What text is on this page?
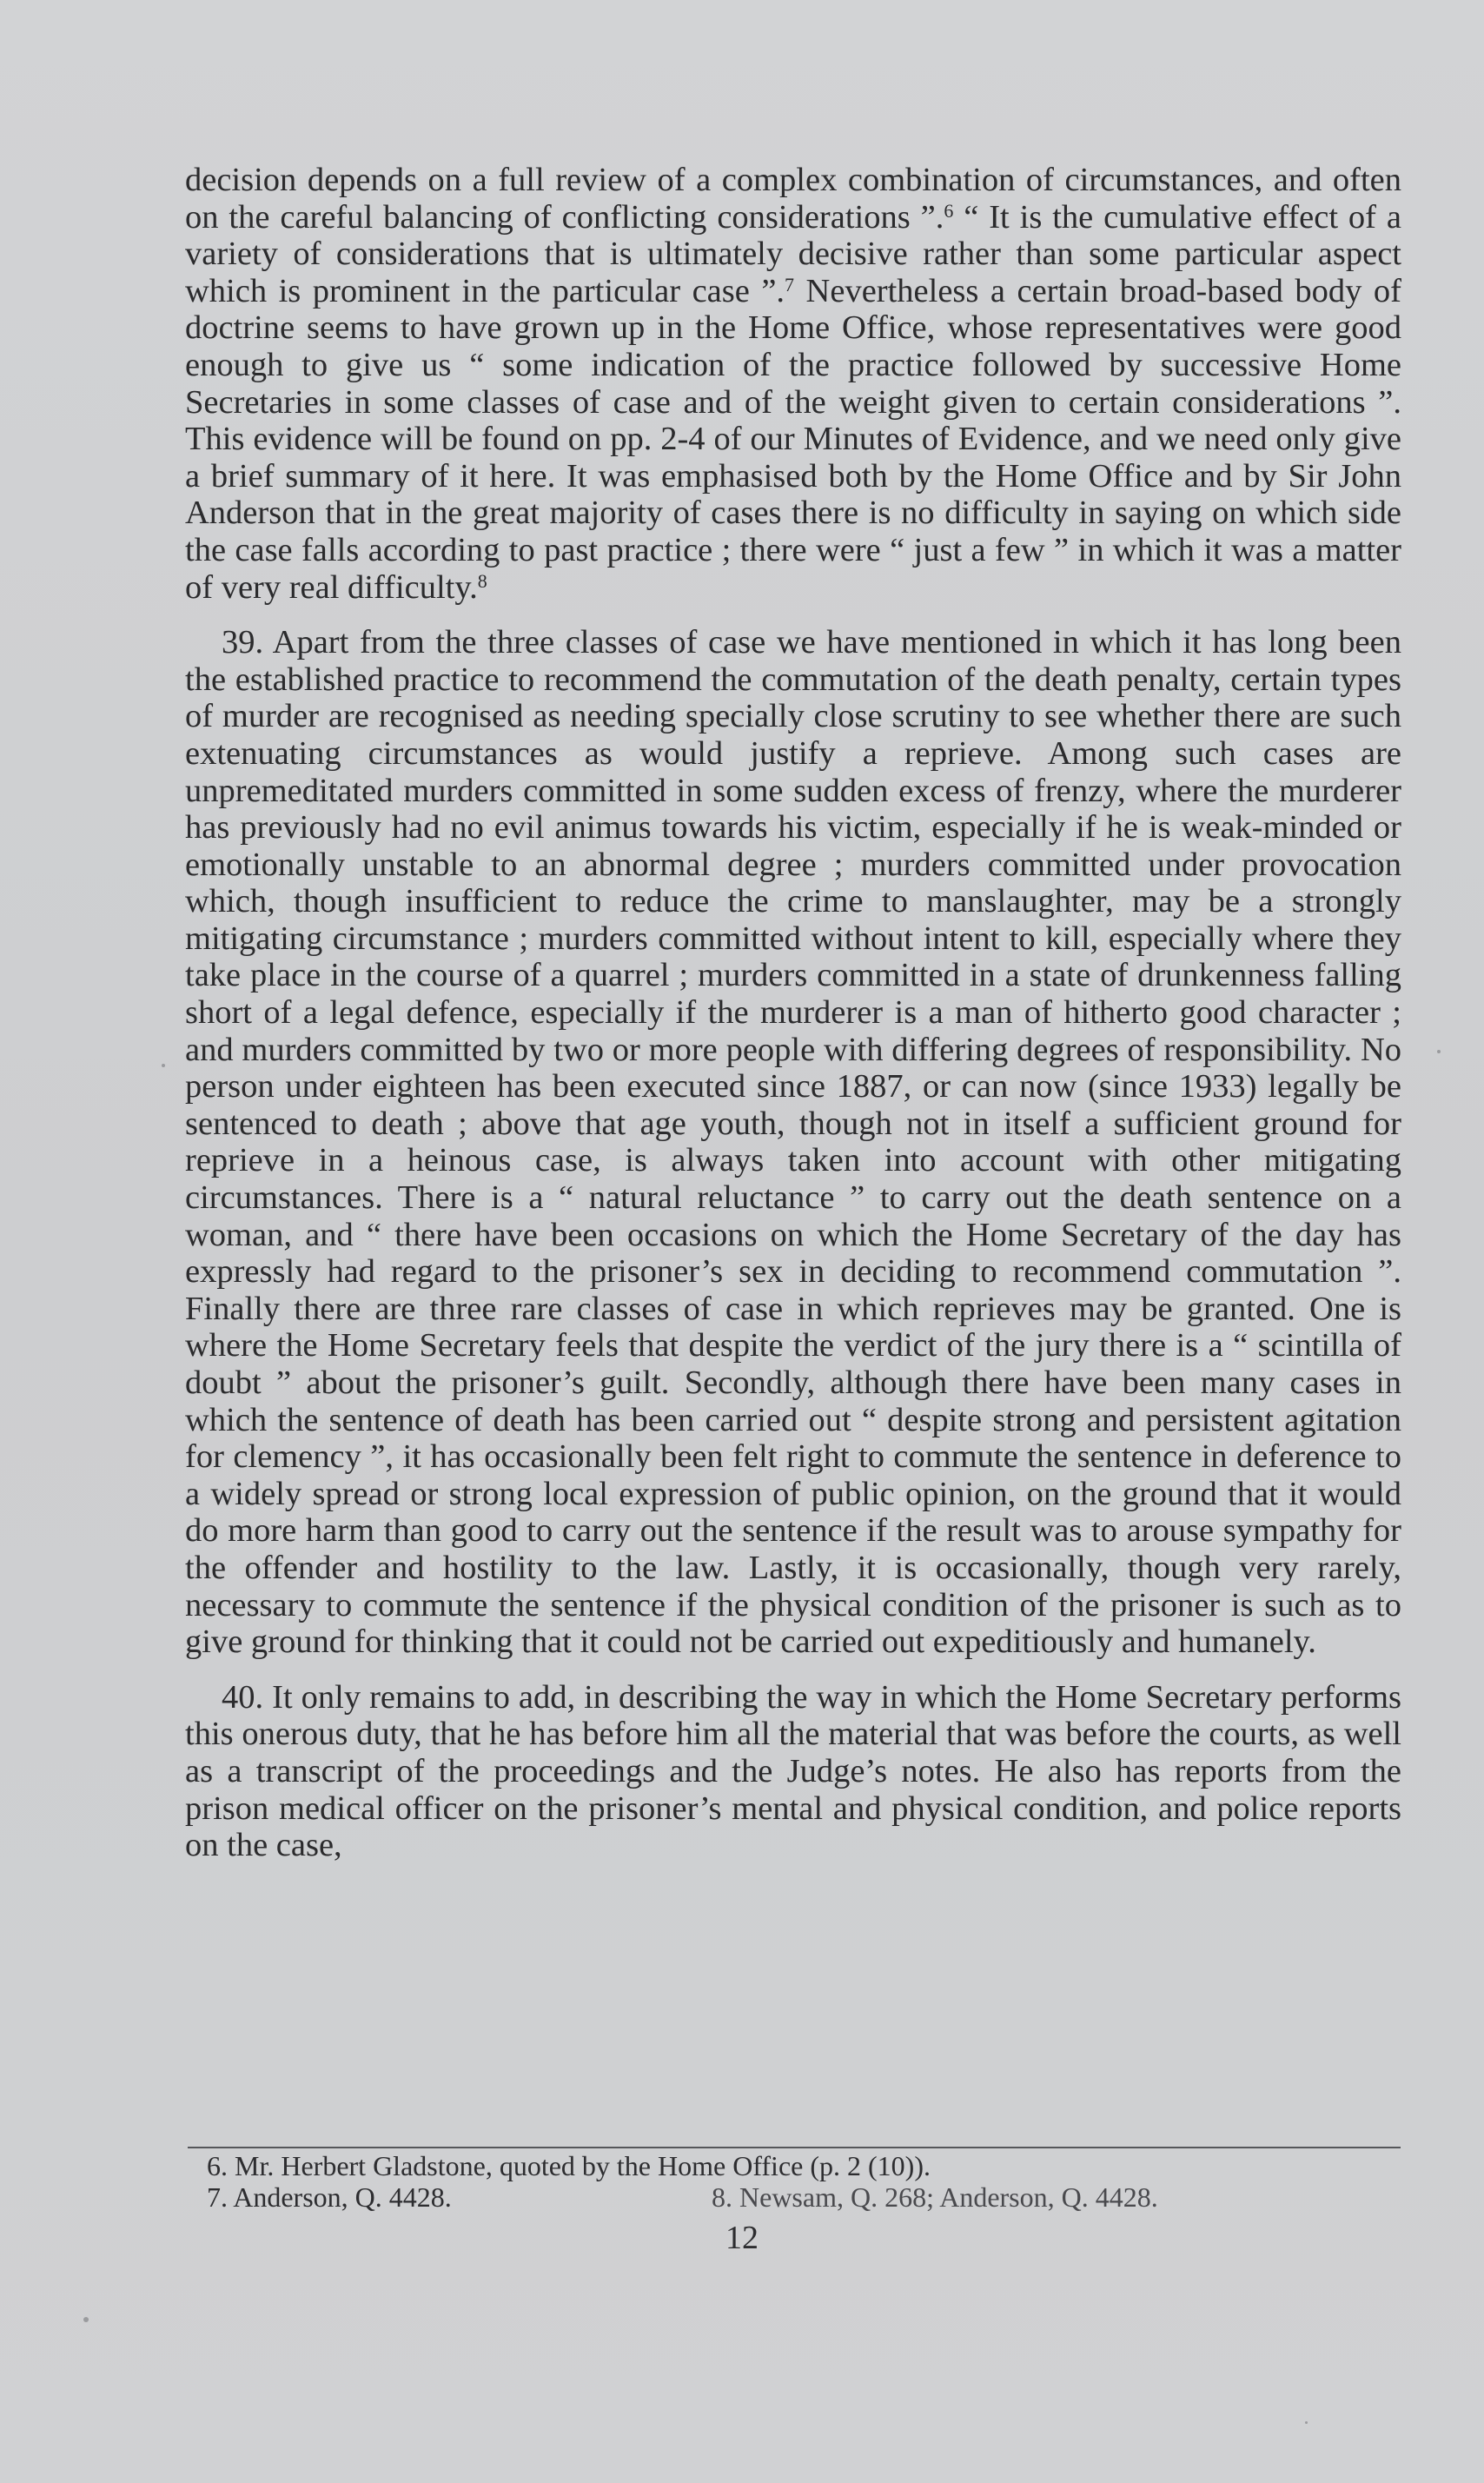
decision depends on a full review of a complex combination of circumstances, and often on the careful balancing of conflicting considerations ”.$^6$ “ It is the cumulative effect of a variety of considerations that is ultimately decisive rather than some particular aspect which is prominent in the particular case ”.$^7$ Nevertheless a certain broad-based body of doctrine seems to have grown up in the Home Office, whose representatives were good enough to give us “ some indication of the practice followed by successive Home Secretaries in some classes of case and of the weight given to certain considerations ”. This evidence will be found on pp. 2-4 of our Minutes of Evidence, and we need only give a brief summary of it here. It was emphasised both by the Home Office and by Sir John Anderson that in the great majority of cases there is no difficulty in saying on which side the case falls according to past practice ; there were “ just a few ” in which it was a matter of very real difficulty.$^8$

39. Apart from the three classes of case we have mentioned in which it has long been the established practice to recommend the commutation of the death penalty, certain types of murder are recognised as needing specially close scrutiny to see whether there are such extenuating circumstances as would justify a reprieve. Among such cases are unpremeditated murders committed in some sudden excess of frenzy, where the murderer has previously had no evil animus towards his victim, especially if he is weak-minded or emotionally unstable to an abnormal degree ; murders committed under provocation which, though insufficient to reduce the crime to manslaughter, may be a strongly mitigating circumstance ; murders committed without intent to kill, especially where they take place in the course of a quarrel ; murders committed in a state of drunkenness falling short of a legal defence, especially if the murderer is a man of hitherto good character ; and murders committed by two or more people with differing degrees of responsibility. No person under eighteen has been executed since 1887, or can now (since 1933) legally be sentenced to death ; above that age youth, though not in itself a sufficient ground for reprieve in a heinous case, is always taken into account with other mitigating circumstances. There is a “ natural reluctance ” to carry out the death sentence on a woman, and “ there have been occasions on which the Home Secretary of the day has expressly had regard to the prisoner’s sex in deciding to recommend commutation ”. Finally there are three rare classes of case in which reprieves may be granted. One is where the Home Secretary feels that despite the verdict of the jury there is a “ scintilla of doubt ” about the prisoner’s guilt. Secondly, although there have been many cases in which the sentence of death has been carried out “ despite strong and persistent agitation for clemency ”, it has occasionally been felt right to commute the sentence in deference to a widely spread or strong local expression of public opinion, on the ground that it would do more harm than good to carry out the sentence if the result was to arouse sympathy for the offender and hostility to the law. Lastly, it is occasionally, though very rarely, necessary to commute the sentence if the physical condition of the prisoner is such as to give ground for thinking that it could not be carried out expeditiously and humanely.

40. It only remains to add, in describing the way in which the Home Secretary performs this onerous duty, that he has before him all the material that was before the courts, as well as a transcript of the proceedings and the Judge’s notes. He also has reports from the prison medical officer on the prisoner’s mental and physical condition, and police reports on the case,

6. Mr. Herbert Gladstone, quoted by the Home Office (p. 2 (10)).
7. Anderson, Q. 4428.	8. Newsam, Q. 268; Anderson, Q. 4428.
12
